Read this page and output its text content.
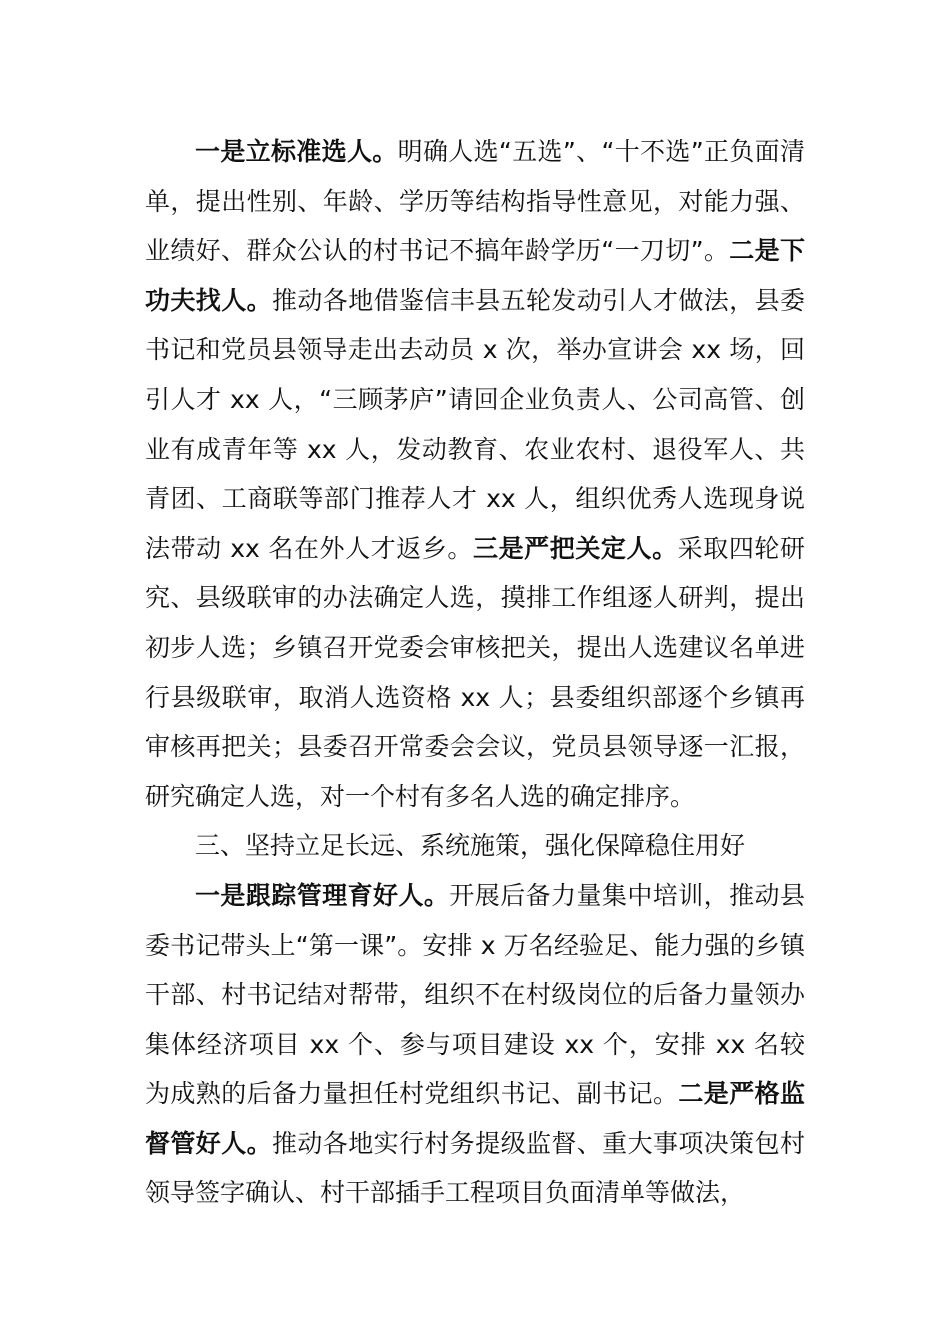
一是立标准选人。明确人选“五选”、“十不选”正负面清单，提出性别、年龄、学历等结构指导性意见，对能力强、业绩好、群众公认的村书记不搞年龄学历“一刀切”。二是下功夫找人。推动各地借鉴信丰县五轮发动引人才做法，县委书记和党员县领导走出去动员 x 次，举办宣讲会 xx 场，回引人才 xx 人，“三顾茅庐”请回企业负责人、公司高管、创业有成青年等 xx 人，发动教育、农业农村、退役军人、共青团、工商联等部门推荐人才 xx 人，组织优秀人选现身说法带动 xx 名在外人才返乡。三是严把关定人。采取四轮研究、县级联审的办法确定人选，摸排工作组逐人研判，提出初步人选；乡镇召开党委会审核把关，提出人选建议名单进行县级联审，取消人选资格 xx 人；县委组织部逐个乡镇再审核再把关；县委召开常委会会议，党员县领导逐一汇报，研究确定人选，对一个村有多名人选的确定排序。

三、坚持立足长远、系统施策，强化保障稳住用好

一是跟踪管理育好人。开展后备力量集中培训，推动县委书记带头上“第一课”。安排 x 万名经验足、能力强的乡镇干部、村书记结对帮带，组织不在村级岗位的后备力量领办集体经济项目 xx 个、参与项目建设 xx 个，安排 xx 名较为成熟的后备力量担任村党组织书记、副书记。二是严格监督管好人。推动各地实行村务提级监督、重大事项决策包村领导签字确认、村干部插手工程项目负面清单等做法，
